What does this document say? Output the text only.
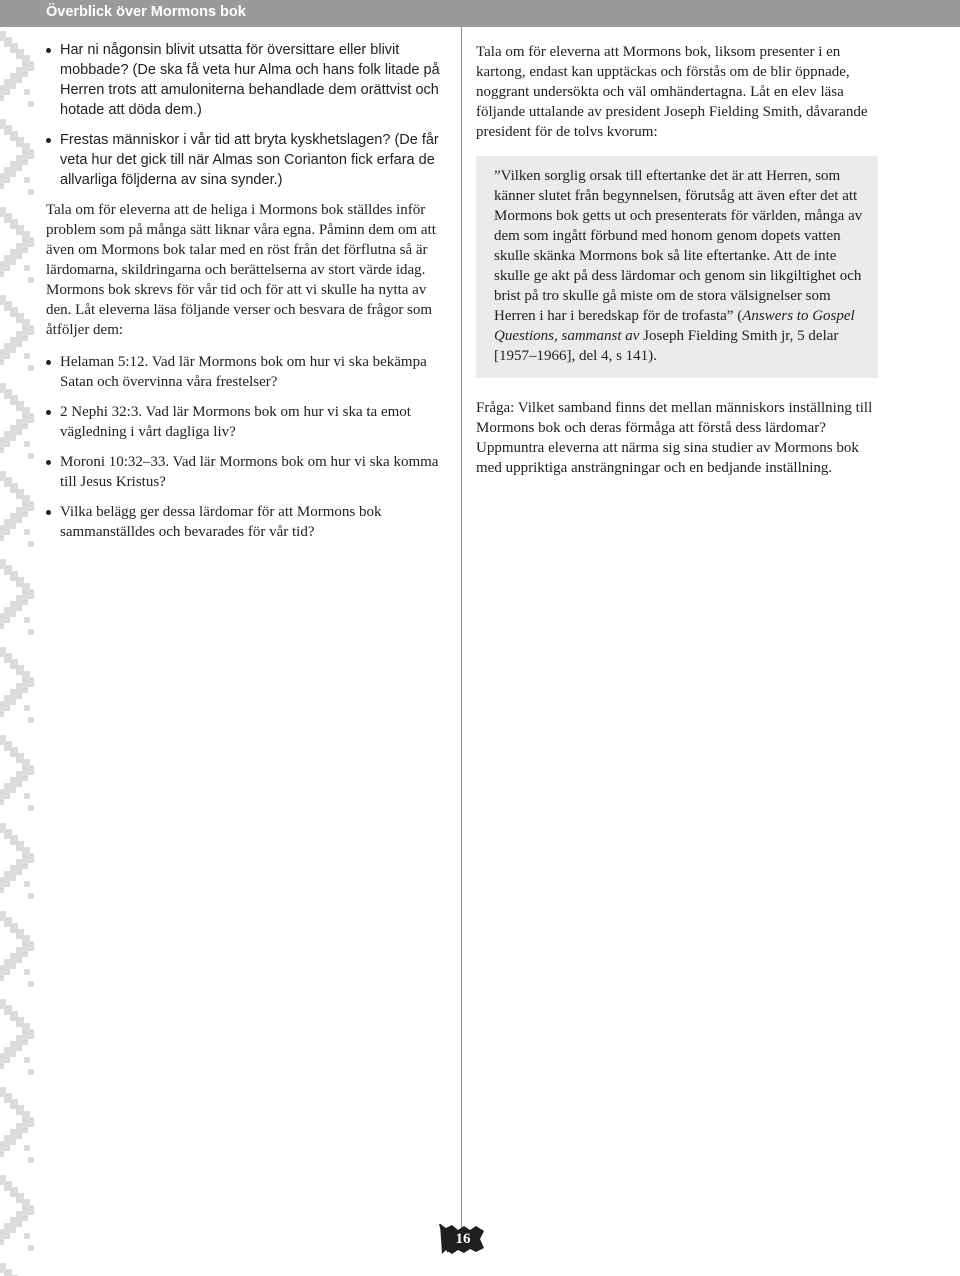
Överblick över Mormons bok
Har ni någonsin blivit utsatta för översittare eller blivit mobbade? (De ska få veta hur Alma och hans folk litade på Herren trots att amuloniterna behandlade dem orättvist och hotade att döda dem.)
Frestas människor i vår tid att bryta kyskhetslagen? (De får veta hur det gick till när Almas son Corianton fick erfara de allvarliga följderna av sina synder.)

Tala om för eleverna att de heliga i Mormons bok ställdes inför problem som på många sätt liknar våra egna. Påminn dem om att även om Mormons bok talar med en röst från det förflutna så är lärdomarna, skildringarna och berättelserna av stort värde idag. Mormons bok skrevs för vår tid och för att vi skulle ha nytta av den. Låt eleverna läsa följande verser och besvara de frågor som åtföljer dem:

Helaman 5:12. Vad lär Mormons bok om hur vi ska bekämpa Satan och övervinna våra frestelser?
2 Nephi 32:3. Vad lär Mormons bok om hur vi ska ta emot vägledning i vårt dagliga liv?
Moroni 10:32–33. Vad lär Mormons bok om hur vi ska komma till Jesus Kristus?
Vilka belägg ger dessa lärdomar för att Mormons bok sammanställdes och bevarades för vår tid?

Tala om för eleverna att Mormons bok, liksom presenter i en kartong, endast kan upptäckas och förstås om de blir öppnade, noggrant undersökta och väl omhändertagna. Låt en elev läsa följande uttalande av president Joseph Fielding Smith, dåvarande president för de tolvs kvorum:

”Vilken sorglig orsak till eftertanke det är att Herren, som känner slutet från begynnelsen, förutsåg att även efter det att Mormons bok getts ut och presenterats för världen, många av dem som ingått förbund med honom genom dopets vatten skulle skänka Mormons bok så lite eftertanke. Att de inte skulle ge akt på dess lärdomar och genom sin likgiltighet och brist på tro skulle gå miste om de stora välsignelser som Herren i har i beredskap för de trofasta” (Answers to Gospel Questions, sammanst av Joseph Fielding Smith jr, 5 delar [1957–1966], del 4, s 141).

Fråga: Vilket samband finns det mellan människors inställning till Mormons bok och deras förmåga att förstå dess lärdomar? Uppmuntra eleverna att närma sig sina studier av Mormons bok med uppriktiga ansträngningar och en bedjande inställning.

16
